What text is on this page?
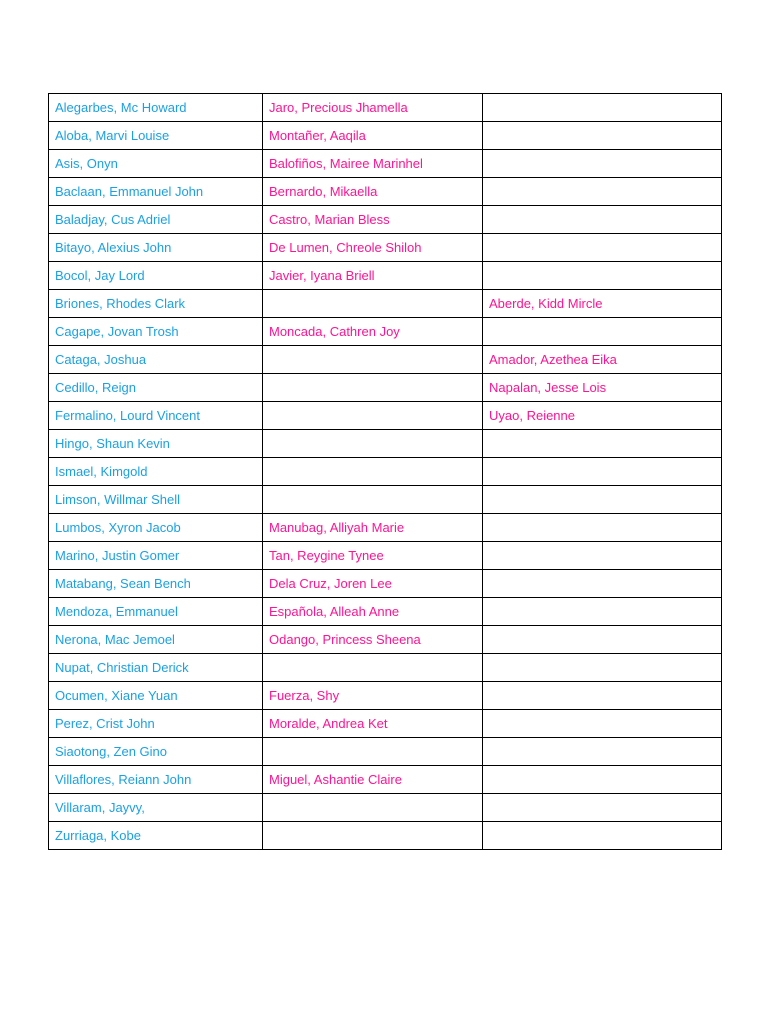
Alegarbes, Mc Howard	Jaro, Precious Jhamella	
Aloba, Marvi Louise	Montañer, Aaqila	
Asis, Onyn	Balofiños, Mairee Marinhel	
Baclaan, Emmanuel John	Bernardo, Mikaella	
Baladjay, Cus Adriel	Castro, Marian Bless	
Bitayo, Alexius John	De Lumen, Chreole Shiloh	
Bocol, Jay Lord	Javier, Iyana Briell	
Briones, Rhodes Clark		Aberde, Kidd Mircle
Cagape, Jovan Trosh	Moncada, Cathren Joy	
Cataga, Joshua		Amador, Azethea Eika
Cedillo, Reign		Napalan, Jesse Lois
Fermalino, Lourd Vincent		Uyao, Reienne
Hingo, Shaun Kevin		
Ismael, Kimgold		
Limson, Willmar Shell		
Lumbos, Xyron Jacob	Manubag, Alliyah Marie	
Marino, Justin Gomer	Tan, Reygine Tynee	
Matabang, Sean Bench	Dela Cruz, Joren Lee	
Mendoza, Emmanuel	Española, Alleah Anne	
Nerona, Mac Jemoel	Odango, Princess Sheena	
Nupat, Christian Derick		
Ocumen, Xiane Yuan	Fuerza, Shy	
Perez, Crist John	Moralde, Andrea Ket	
Siaotong, Zen Gino		
Villaflores, Reiann John	Miguel, Ashantie Claire	
Villaram, Jayvy,		
Zurriaga, Kobe		
